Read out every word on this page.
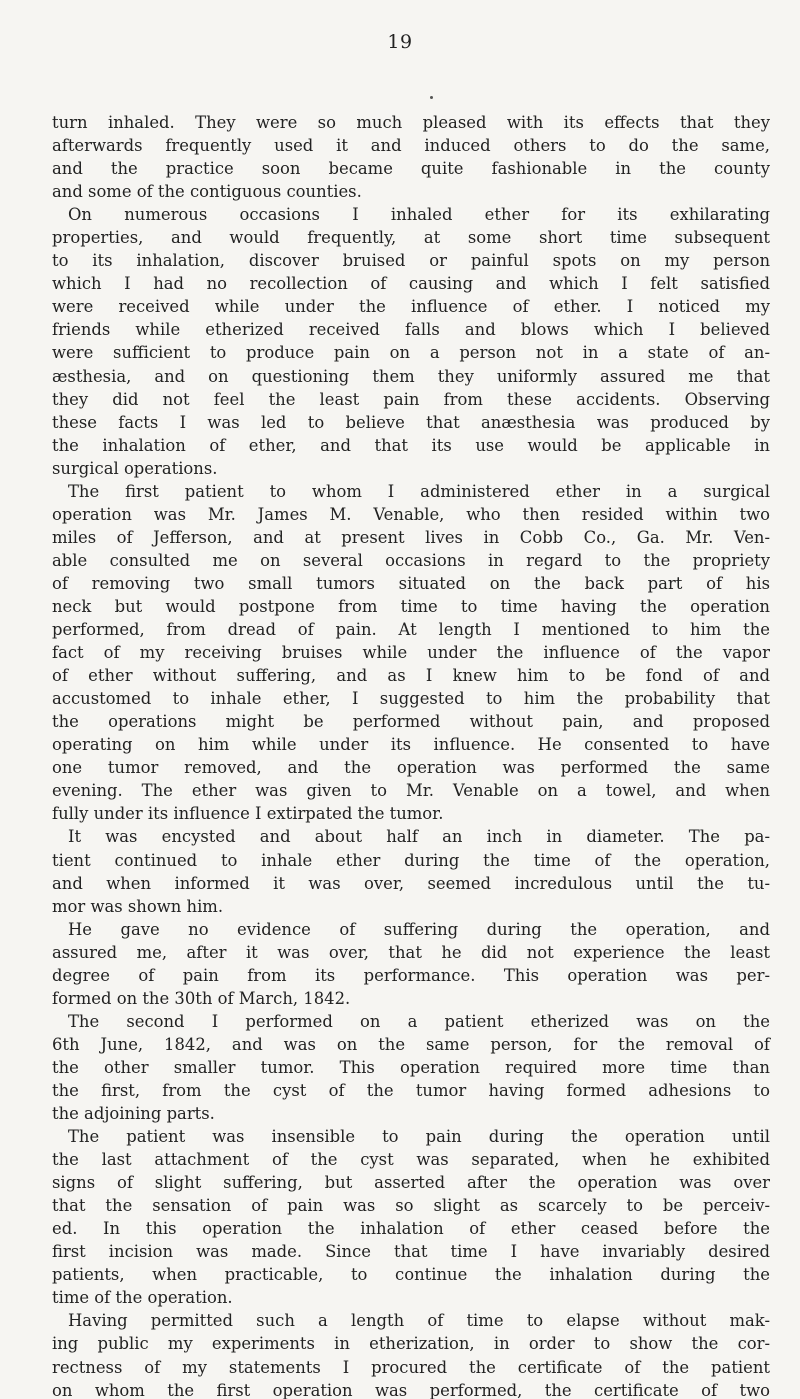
19
turn inhaled. They were so much pleased with its effects that they
afterwards frequently used it and induced others to do the same,
and the practice soon became quite fashionable in the county
and some of the contiguous counties.
On numerous occasions I inhaled ether for its exhilarating
properties, and would frequently, at some short time subsequent
to its inhalation, discover bruised or painful spots on my person
which I had no recollection of causing and which I felt satisfied
were received while under the influence of ether. I noticed my
friends while etherized received falls and blows which I believed
were sufficient to produce pain on a person not in a state of an-
æsthesia, and on questioning them they uniformly assured me that
they did not feel the least pain from these accidents. Observing
these facts I was led to believe that anæsthesia was produced by
the inhalation of ether, and that its use would be applicable in
surgical operations.
The first patient to whom I administered ether in a surgical
operation was Mr. James M. Venable, who then resided within two
miles of Jefferson, and at present lives in Cobb Co., Ga. Mr. Ven-
able consulted me on several occasions in regard to the propriety
of removing two small tumors situated on the back part of his
neck but would postpone from time to time having the operation
performed, from dread of pain. At length I mentioned to him the
fact of my receiving bruises while under the influence of the vapor
of ether without suffering, and as I knew him to be fond of and
accustomed to inhale ether, I suggested to him the probability that
the operations might be performed without pain, and proposed
operating on him while under its influence. He consented to have
one tumor removed, and the operation was performed the same
evening. The ether was given to Mr. Venable on a towel, and when
fully under its influence I extirpated the tumor.
It was encysted and about half an inch in diameter. The pa-
tient continued to inhale ether during the time of the operation,
and when informed it was over, seemed incredulous until the tu-
mor was shown him.
He gave no evidence of suffering during the operation, and
assured me, after it was over, that he did not experience the least
degree of pain from its performance. This operation was per-
formed on the 30th of March, 1842.
The second I performed on a patient etherized was on the
6th June, 1842, and was on the same person, for the removal of
the other smaller tumor. This operation required more time than
the first, from the cyst of the tumor having formed adhesions to
the adjoining parts.
The patient was insensible to pain during the operation until
the last attachment of the cyst was separated, when he exhibited
signs of slight suffering, but asserted after the operation was over
that the sensation of pain was so slight as scarcely to be perceiv-
ed. In this operation the inhalation of ether ceased before the
first incision was made. Since that time I have invariably desired
patients, when practicable, to continue the inhalation during the
time of the operation.
Having permitted such a length of time to elapse without mak-
ing public my experiments in etherization, in order to show the cor-
rectness of my statements I procured the certificate of the patient
on whom the first operation was performed, the certificate of two
